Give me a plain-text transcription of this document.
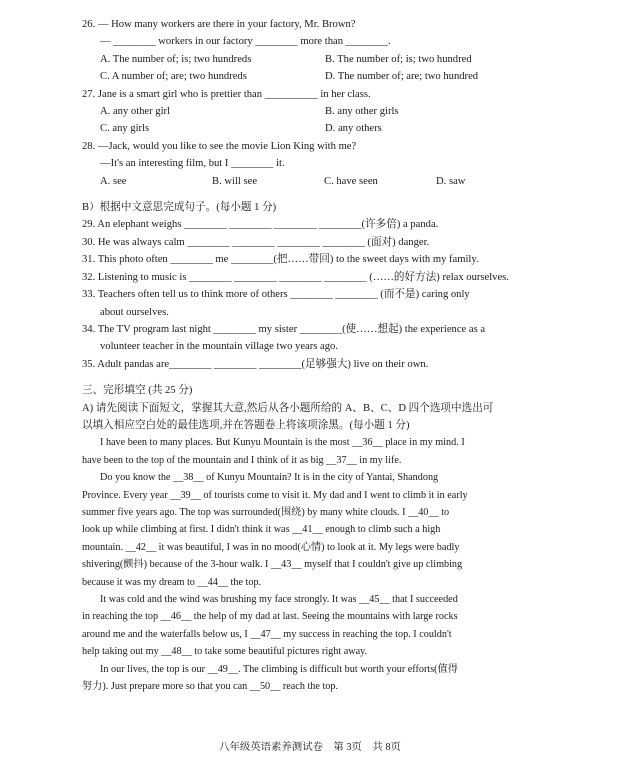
26. — How many workers are there in your factory, Mr. Brown?
— ________ workers in our factory ________ more than ________.
A. The number of; is; two hundreds	B. The number of; is; two hundred
C. A number of; are; two hundreds	D. The number of; are; two hundred
27. Jane is a smart girl who is prettier than __________ in her class.
A. any other girl	B. any other girls
C. any girls	D. any others
28. —Jack, would you like to see the movie Lion King with me?
—It's an interesting film, but I ________ it.
A. see	B. will see	C. have seen	D. saw
B）根据中文意思完成句子。(每小题 1 分)
29. An elephant weighs ________ ________ ________ ________(许多倍) a panda.
30. He was always calm ________ ________ ________ ________ (面对) danger.
31. This photo often ________ me ________(把……带回) to the sweet days with my family.
32. Listening to music is ________ ________ ________ ________ (……的好方法) relax ourselves.
33. Teachers often tell us to think more of others ________ ________ (而不是) caring only
about ourselves.
34. The TV program last night ________ my sister ________(使……想起) the experience as a
volunteer teacher in the mountain village two years ago.
35. Adult pandas are________ ________ ________(足够强大) live on their own.
三、完形填空 (共 25 分)
A) 请先阅读下面短文，掌握其大意,然后从各小题所给的 A、B、C、D 四个选项中选出可
以填入相应空白处的最佳选项,并在答题卷上将该项涂黑。(每小题 1 分)
I have been to many places. But Kunyu Mountain is the most __36__ place in my mind. I
have been to the top of the mountain and I think of it as big __37__ in my life.
Do you know the __38__ of Kunyu Mountain? It is in the city of Yantai, Shandong
Province. Every year __39__ of tourists come to visit it. My dad and I went to climb it in early
summer five years ago. The top was surrounded(围绕) by many white clouds. I __40__ to
look up while climbing at first. I didn't think it was __41__ enough to climb such a high
mountain. __42__ it was beautiful, I was in no mood(心情) to look at it. My legs were badly
shivering(颤抖) because of the 3-hour walk. I __43__ myself that I couldn't give up climbing
because it was my dream to __44__ the top.
It was cold and the wind was brushing my face strongly. It was __45__ that I succeeded
in reaching the top __46__ the help of my dad at last. Seeing the mountains with large rocks
around me and the waterfalls below us, I __47__ my success in reaching the top. I couldn't
help taking out my __48__ to take some beautiful pictures right away.
In our lives, the top is our __49__. The climbing is difficult but worth your efforts(值得
努力). Just prepare more so that you can __50__ reach the top.
八年级英语素养测试卷　第 3页　共 8页
